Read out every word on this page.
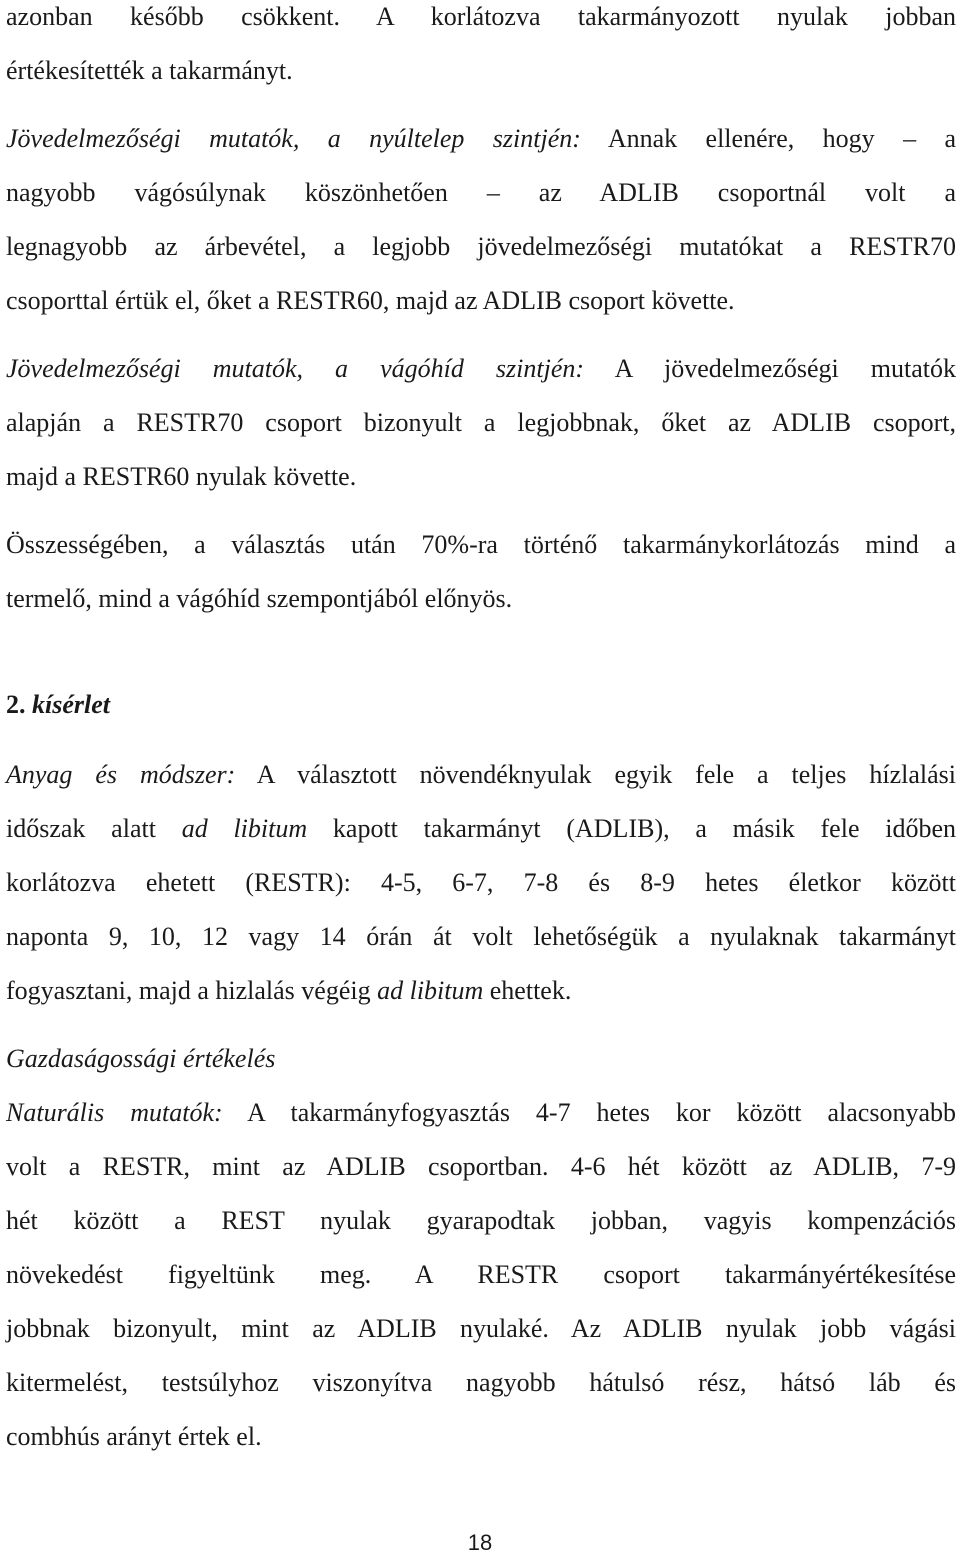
azonban később csökkent. A korlátozva takarmányozott nyulak jobban
értékesítették a takarmányt.
Jövedelmezőségi mutatók, a nyúltelep szintjén: Annak ellenére, hogy – a
nagyobb vágósúlynak köszönhetően – az ADLIB csoportnál volt a
legnagyobb az árbevétel, a legjobb jövedelmezőségi mutatókat a RESTR70
csoporttal értük el, őket a RESTR60, majd az ADLIB csoport követte.
Jövedelmezőségi mutatók, a vágóhíd szintjén: A jövedelmezőségi mutatók
alapján a RESTR70 csoport bizonyult a legjobbnak, őket az ADLIB csoport,
majd a RESTR60 nyulak követte.
Összességében, a választás után 70%-ra történő takarmánykorlátozás mind a
termelő, mind a vágóhíd szempontjából előnyös.
2. kísérlet
Anyag és módszer: A választott növendéknyulak egyik fele a teljes hízlalási
időszak alatt ad libitum kapott takarmányt (ADLIB), a másik fele időben
korlátozva ehetett (RESTR): 4-5, 6-7, 7-8 és 8-9 hetes életkor között
naponta 9, 10, 12 vagy 14 órán át volt lehetőségük a nyulaknak takarmányt
fogyasztani, majd a hizlalás végéig ad libitum ehettek.
Gazdaságossági értékelés
Naturális mutatók: A takarmányfogyasztás 4-7 hetes kor között alacsonyabb
volt a RESTR, mint az ADLIB csoportban. 4-6 hét között az ADLIB, 7-9
hét között a REST nyulak gyarapodtak jobban, vagyis kompenzációs
növekedést figyeltünk meg. A RESTR csoport takarmányértékesítése
jobbnak bizonyult, mint az ADLIB nyulaké. Az ADLIB nyulak jobb vágási
kitermelést, testsúlyhoz viszonyítva nagyobb hátulsó rész, hátsó láb és
combhús arányt értek el.
18
